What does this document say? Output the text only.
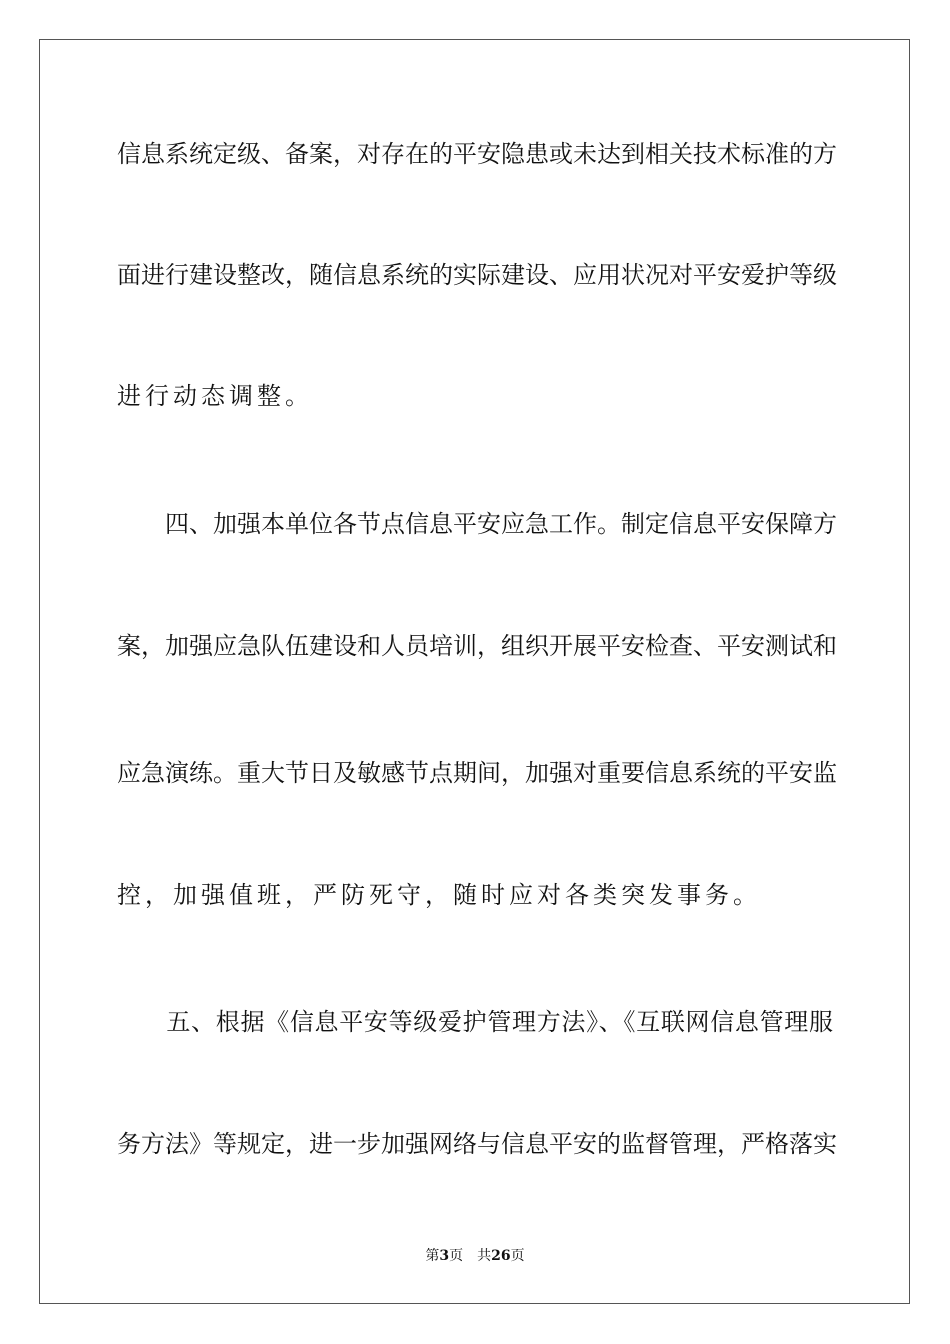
信息系统定级、备案，对存在的平安隐患或未达到相关技术标准的方
面进行建设整改，随信息系统的实际建设、应用状况对平安爱护等级
进行动态调整。
　　四、加强本单位各节点信息平安应急工作。制定信息平安保障方
案，加强应急队伍建设和人员培训，组织开展平安检查、平安测试和
应急演练。重大节日及敏感节点期间，加强对重要信息系统的平安监
控，加强值班，严防死守，随时应对各类突发事务。
　　五、根据《信息平安等级爱护管理方法》、《互联网信息管理服
务方法》等规定，进一步加强网络与信息平安的监督管理，严格落实
第3页 共26页
